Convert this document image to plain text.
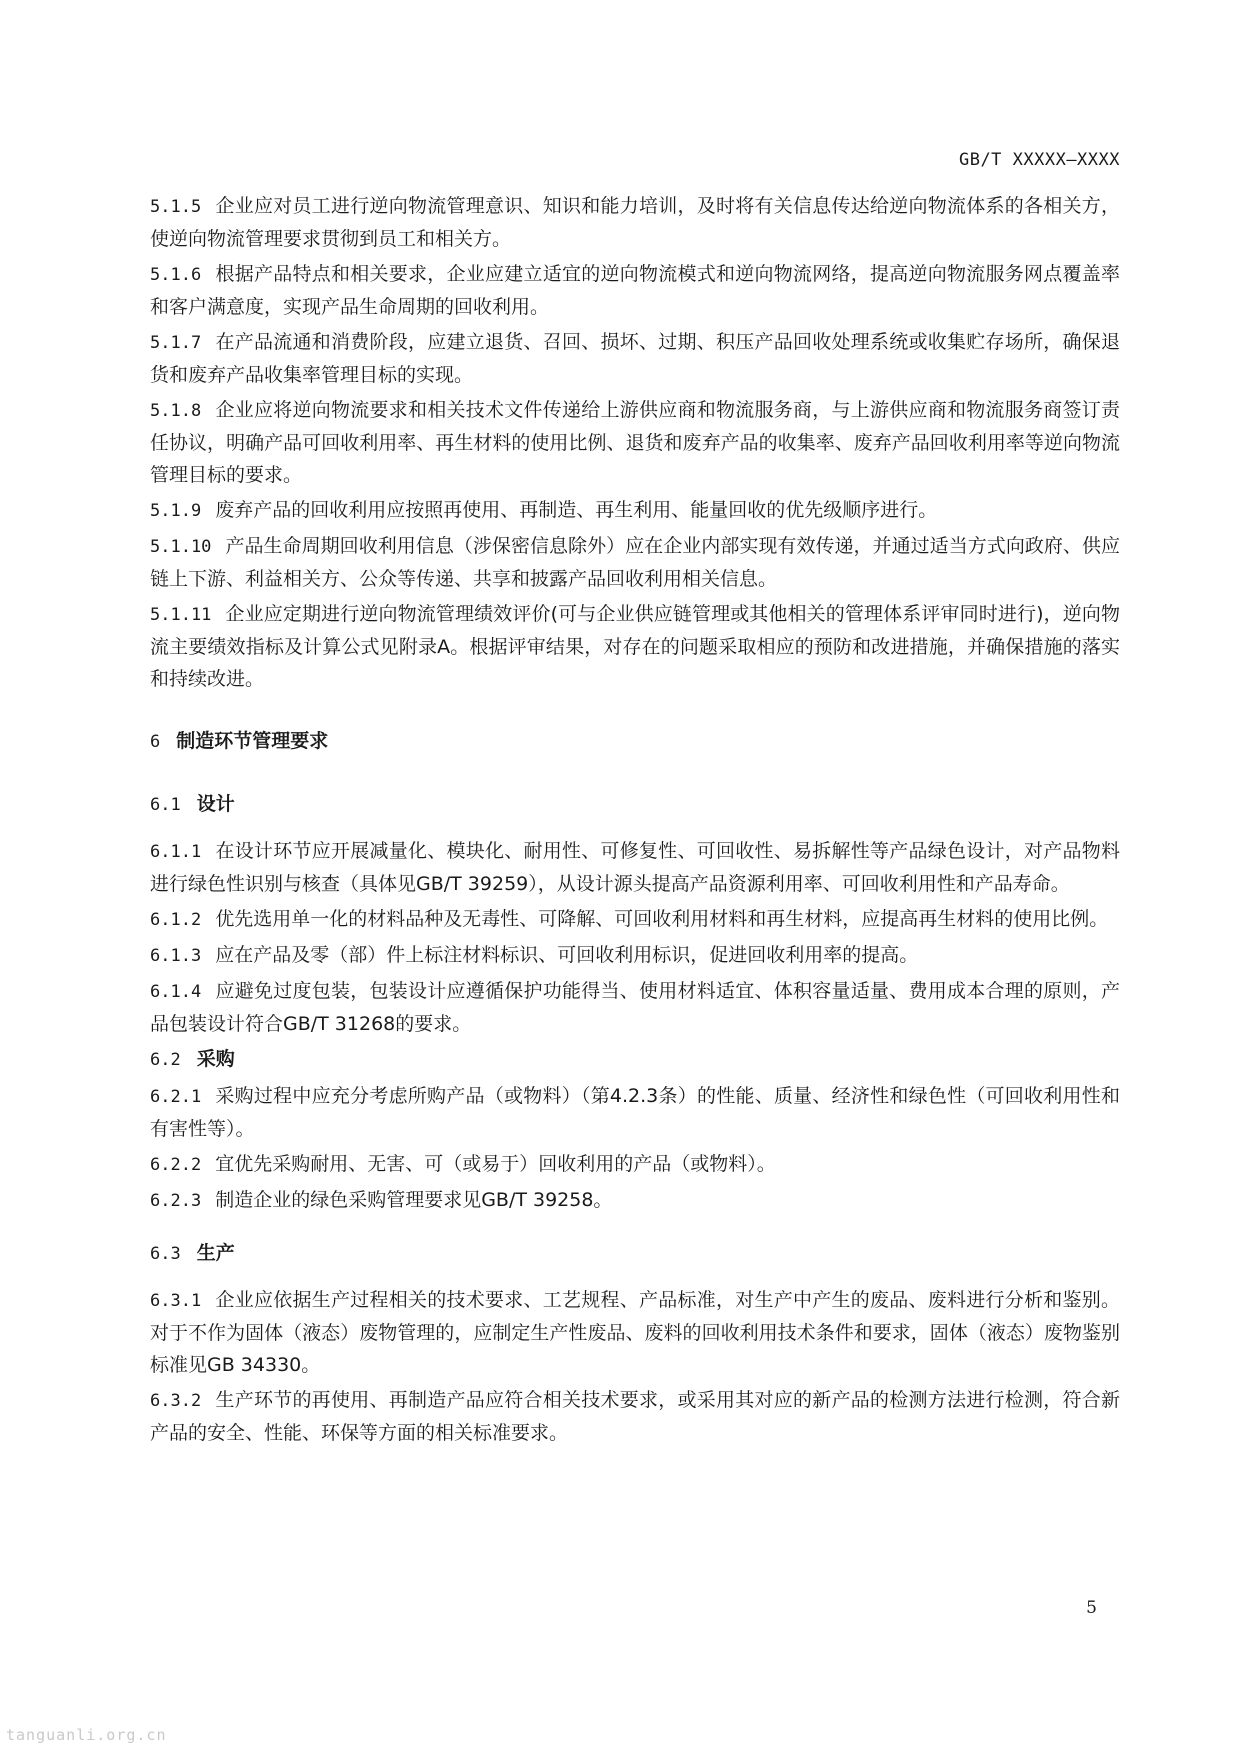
GB/T XXXXX—XXXX

5.1.5 企业应对员工进行逆向物流管理意识、知识和能力培训，及时将有关信息传达给逆向物流体系的各相关方，使逆向物流管理要求贯彻到员工和相关方。

5.1.6 根据产品特点和相关要求，企业应建立适宜的逆向物流模式和逆向物流网络，提高逆向物流服务网点覆盖率和客户满意度，实现产品生命周期的回收利用。

5.1.7 在产品流通和消费阶段，应建立退货、召回、损坏、过期、积压产品回收处理系统或收集贮存场所，确保退货和废弃产品收集率管理目标的实现。

5.1.8 企业应将逆向物流要求和相关技术文件传递给上游供应商和物流服务商，与上游供应商和物流服务商签订责任协议，明确产品可回收利用率、再生材料的使用比例、退货和废弃产品的收集率、废弃产品回收利用率等逆向物流管理目标的要求。

5.1.9 废弃产品的回收利用应按照再使用、再制造、再生利用、能量回收的优先级顺序进行。

5.1.10 产品生命周期回收利用信息（涉保密信息除外）应在企业内部实现有效传递，并通过适当方式向政府、供应链上下游、利益相关方、公众等传递、共享和披露产品回收利用相关信息。

5.1.11 企业应定期进行逆向物流管理绩效评价(可与企业供应链管理或其他相关的管理体系评审同时进行)，逆向物流主要绩效指标及计算公式见附录A。根据评审结果，对存在的问题采取相应的预防和改进措施，并确保措施的落实和持续改进。

6 制造环节管理要求
6.1 设计

6.1.1 在设计环节应开展减量化、模块化、耐用性、可修复性、可回收性、易拆解性等产品绿色设计，对产品物料进行绿色性识别与核查（具体见GB/T 39259），从设计源头提高产品资源利用率、可回收利用性和产品寿命。

6.1.2 优先选用单一化的材料品种及无毒性、可降解、可回收利用材料和再生材料，应提高再生材料的使用比例。

6.1.3 应在产品及零（部）件上标注材料标识、可回收利用标识，促进回收利用率的提高。

6.1.4 应避免过度包装，包装设计应遵循保护功能得当、使用材料适宜、体积容量适量、费用成本合理的原则，产品包装设计符合GB/T 31268的要求。

6.2 采购

6.2.1 采购过程中应充分考虑所购产品（或物料）（第4.2.3条）的性能、质量、经济性和绿色性（可回收利用性和有害性等）。

6.2.2 宜优先采购耐用、无害、可（或易于）回收利用的产品（或物料）。

6.2.3 制造企业的绿色采购管理要求见GB/T 39258。

6.3 生产

6.3.1 企业应依据生产过程相关的技术要求、工艺规程、产品标准，对生产中产生的废品、废料进行分析和鉴别。对于不作为固体（液态）废物管理的，应制定生产性废品、废料的回收利用技术条件和要求，固体（液态）废物鉴别标准见GB 34330。

6.3.2 生产环节的再使用、再制造产品应符合相关技术要求，或采用其对应的新产品的检测方法进行检测，符合新产品的安全、性能、环保等方面的相关标准要求。

5
tanguanli.org.cn
